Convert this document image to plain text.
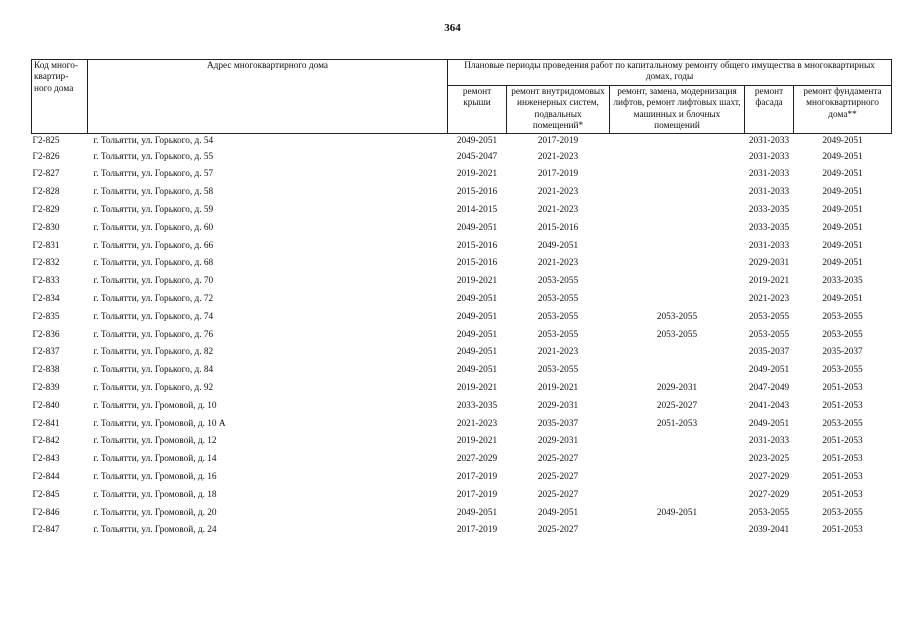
364
Код много-квартир-ного дома	Адрес многоквартирного дома	Плановые периоды проведения работ по капитальному ремонту общего имущества в многоквартирных домах, годы				
		ремонт крыши	ремонт внутридомовых инженерных систем, подвальных помещений*	ремонт, замена, модернизация лифтов, ремонт лифтовых шахт, машинных и блочных помещений	ремонт фасада	ремонт фундамента многоквартирного дома**
Г2-825	г. Тольятти, ул. Горького, д. 54	2049-2051	2017-2019		2031-2033	2049-2051
Г2-826	г. Тольятти, ул. Горького, д. 55	2045-2047	2021-2023		2031-2033	2049-2051
Г2-827	г. Тольятти, ул. Горького, д. 57	2019-2021	2017-2019		2031-2033	2049-2051
Г2-828	г. Тольятти, ул. Горького, д. 58	2015-2016	2021-2023		2031-2033	2049-2051
Г2-829	г. Тольятти, ул. Горького, д. 59	2014-2015	2021-2023		2033-2035	2049-2051
Г2-830	г. Тольятти, ул. Горького, д. 60	2049-2051	2015-2016		2033-2035	2049-2051
Г2-831	г. Тольятти, ул. Горького, д. 66	2015-2016	2049-2051		2031-2033	2049-2051
Г2-832	г. Тольятти, ул. Горького, д. 68	2015-2016	2021-2023		2029-2031	2049-2051
Г2-833	г. Тольятти, ул. Горького, д. 70	2019-2021	2053-2055		2019-2021	2033-2035
Г2-834	г. Тольятти, ул. Горького, д. 72	2049-2051	2053-2055		2021-2023	2049-2051
Г2-835	г. Тольятти, ул. Горького, д. 74	2049-2051	2053-2055	2053-2055	2053-2055	2053-2055
Г2-836	г. Тольятти, ул. Горького, д. 76	2049-2051	2053-2055	2053-2055	2053-2055	2053-2055
Г2-837	г. Тольятти, ул. Горького, д. 82	2049-2051	2021-2023		2035-2037	2035-2037
Г2-838	г. Тольятти, ул. Горького, д. 84	2049-2051	2053-2055		2049-2051	2053-2055
Г2-839	г. Тольятти, ул. Горького, д. 92	2019-2021	2019-2021	2029-2031	2047-2049	2051-2053
Г2-840	г. Тольятти, ул. Громовой, д. 10	2033-2035	2029-2031	2025-2027	2041-2043	2051-2053
Г2-841	г. Тольятти, ул. Громовой, д. 10 А	2021-2023	2035-2037	2051-2053	2049-2051	2053-2055
Г2-842	г. Тольятти, ул. Громовой, д. 12	2019-2021	2029-2031		2031-2033	2051-2053
Г2-843	г. Тольятти, ул. Громовой, д. 14	2027-2029	2025-2027		2023-2025	2051-2053
Г2-844	г. Тольятти, ул. Громовой, д. 16	2017-2019	2025-2027		2027-2029	2051-2053
Г2-845	г. Тольятти, ул. Громовой, д. 18	2017-2019	2025-2027		2027-2029	2051-2053
Г2-846	г. Тольятти, ул. Громовой, д. 20	2049-2051	2049-2051	2049-2051	2053-2055	2053-2055
Г2-847	г. Тольятти, ул. Громовой, д. 24	2017-2019	2025-2027		2039-2041	2051-2053
